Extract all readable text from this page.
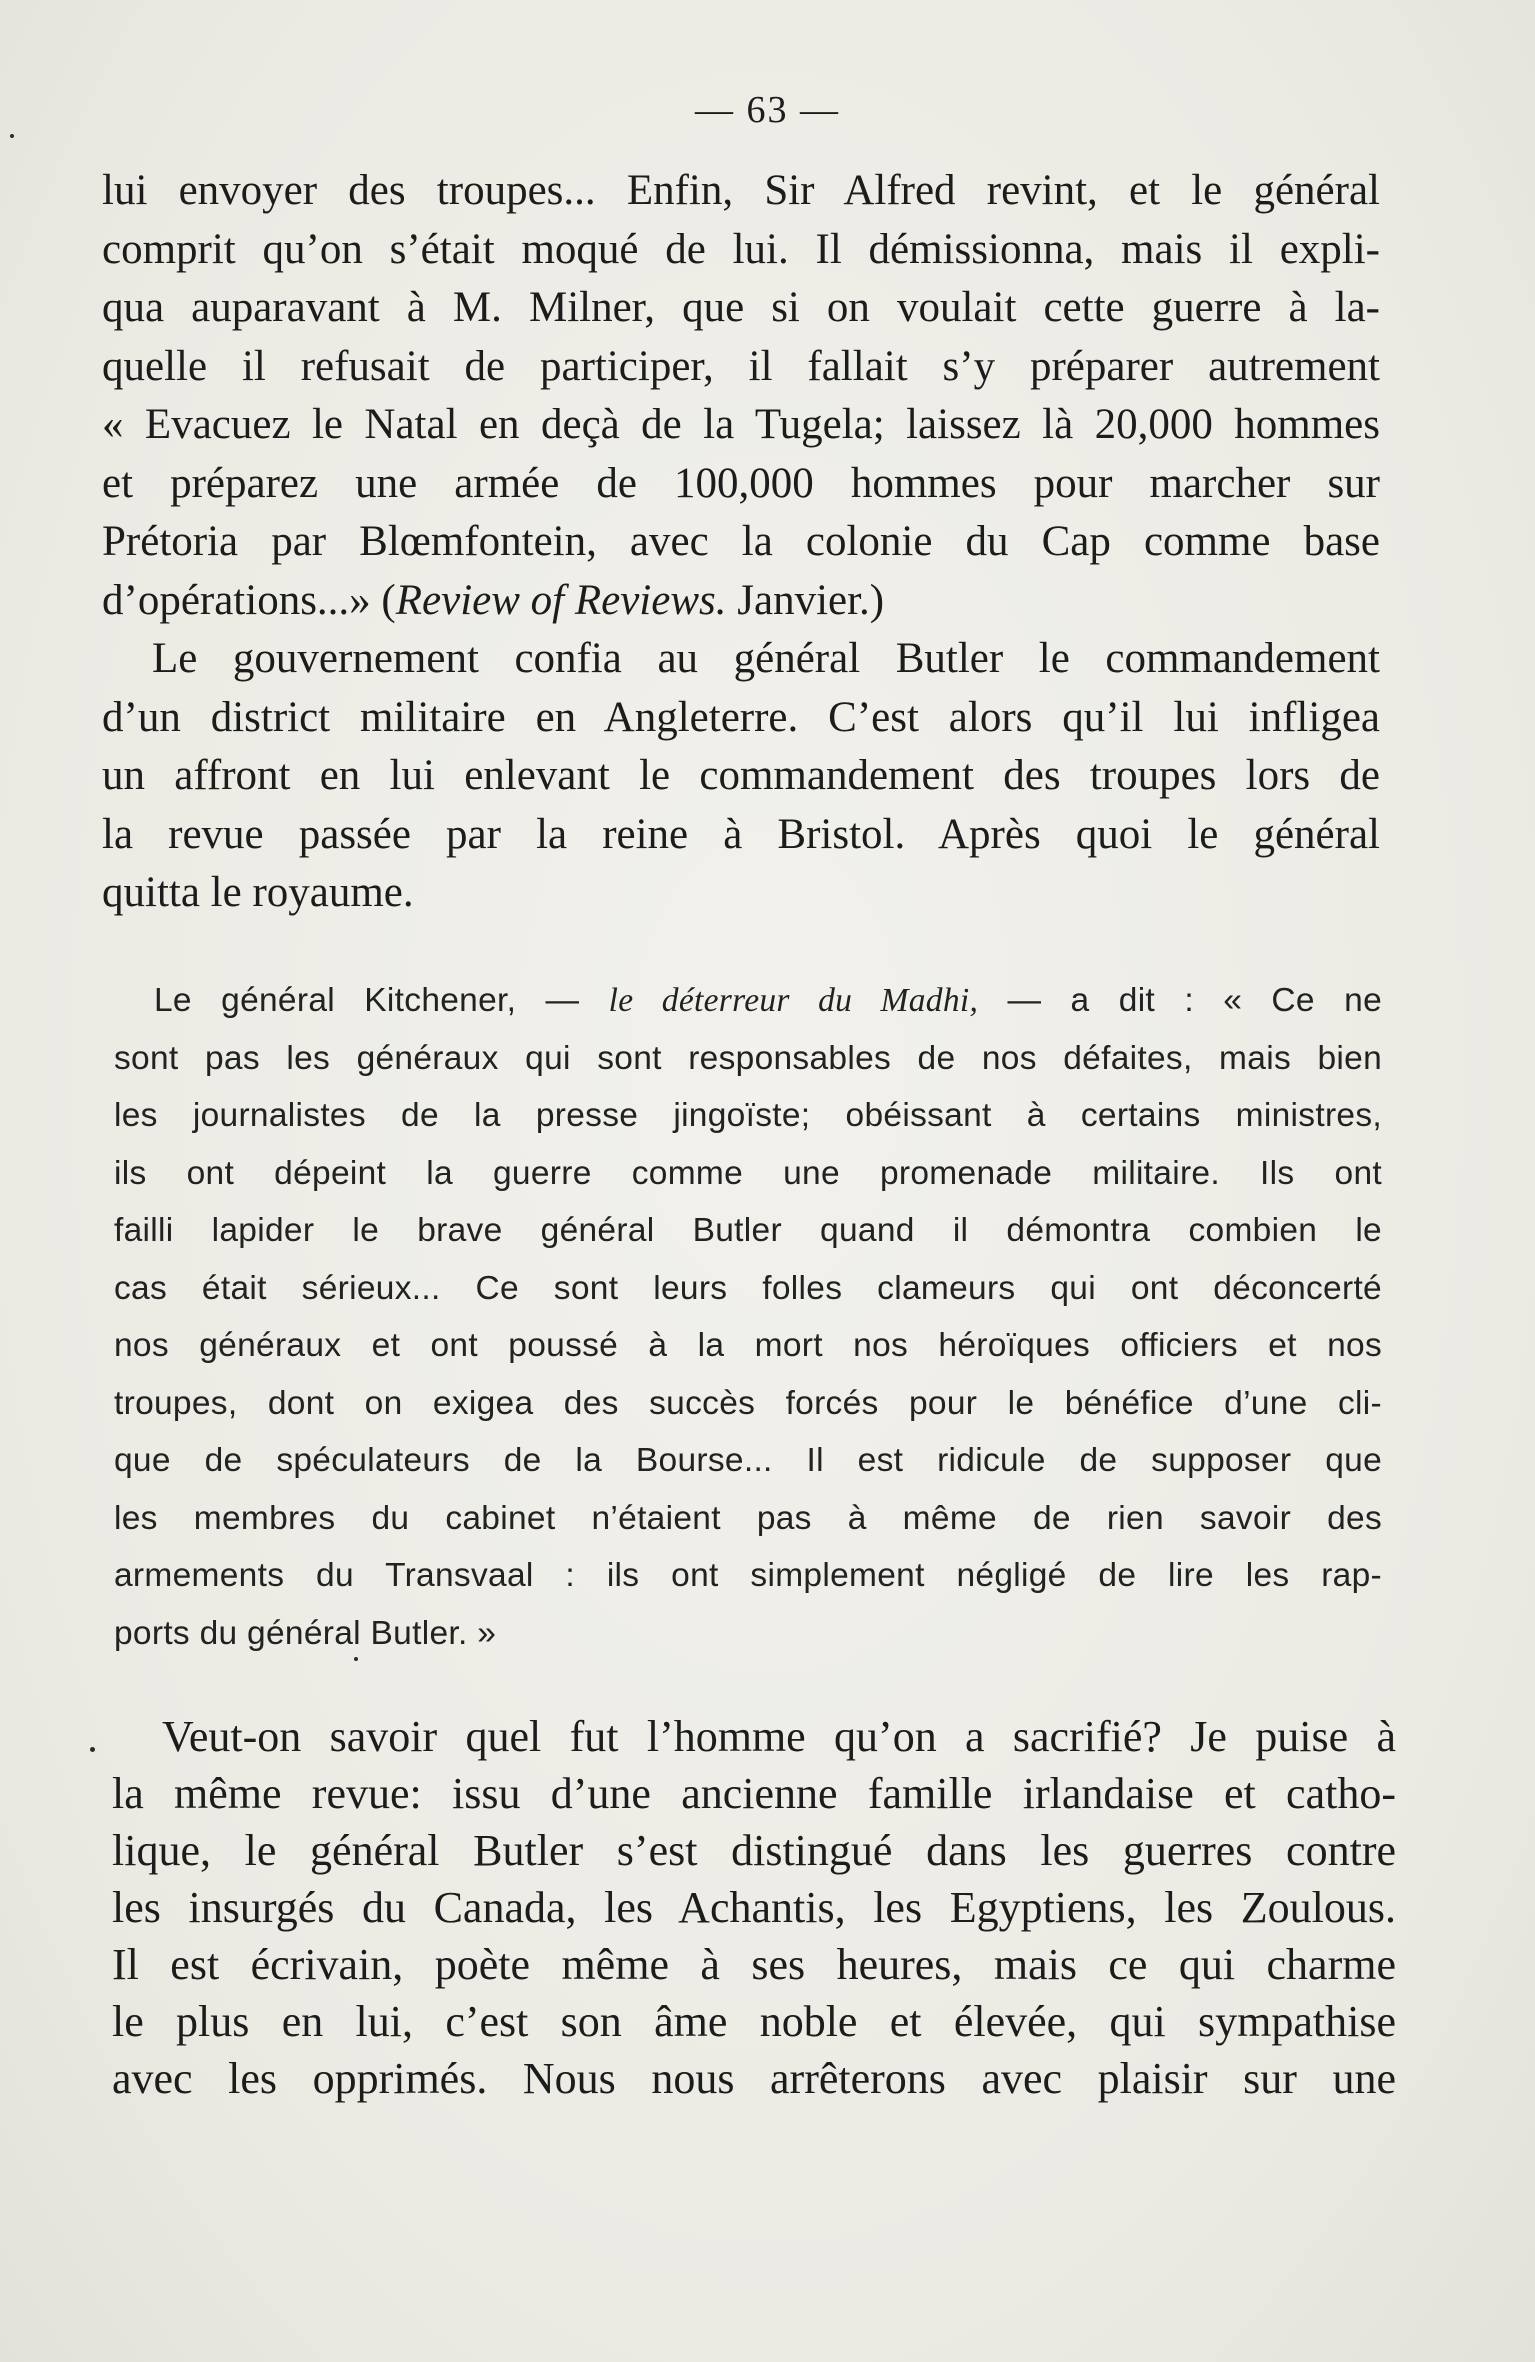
— 63 —
lui envoyer des troupes... Enfin, Sir Alfred revint, et le général
comprit qu’on s’était moqué de lui. Il démissionna, mais il expli-
qua auparavant à M. Milner, que si on voulait cette guerre à la-
quelle il refusait de participer, il fallait s’y préparer autrement
« Evacuez le Natal en deçà de la Tugela; laissez là 20,000 hommes
et préparez une armée de 100,000 hommes pour marcher sur
Prétoria par Blœmfontein, avec la colonie du Cap comme base
d’opérations...» (Review of Reviews. Janvier.)
Le gouvernement confia au général Butler le commandement
d’un district militaire en Angleterre. C’est alors qu’il lui infligea
un affront en lui enlevant le commandement des troupes lors de
la revue passée par la reine à Bristol. Après quoi le général
quitta le royaume.
Le général Kitchener, — le déterreur du Madhi, — a dit : « Ce ne
sont pas les généraux qui sont responsables de nos défaites, mais bien
les journalistes de la presse jingoïste; obéissant à certains ministres,
ils ont dépeint la guerre comme une promenade militaire. Ils ont
failli lapider le brave général Butler quand il démontra combien le
cas était sérieux... Ce sont leurs folles clameurs qui ont déconcerté
nos généraux et ont poussé à la mort nos héroïques officiers et nos
troupes, dont on exigea des succès forcés pour le bénéfice d’une cli-
que de spéculateurs de la Bourse... Il est ridicule de supposer que
les membres du cabinet n’étaient pas à même de rien savoir des
armements du Transvaal : ils ont simplement négligé de lire les rap-
ports du général Butler. »
Veut-on savoir quel fut l’homme qu’on a sacrifié? Je puise à
la même revue: issu d’une ancienne famille irlandaise et catho-
lique, le général Butler s’est distingué dans les guerres contre
les insurgés du Canada, les Achantis, les Egyptiens, les Zoulous.
Il est écrivain, poète même à ses heures, mais ce qui charme
le plus en lui, c’est son âme noble et élevée, qui sympathise
avec les opprimés. Nous nous arrêterons avec plaisir sur une
